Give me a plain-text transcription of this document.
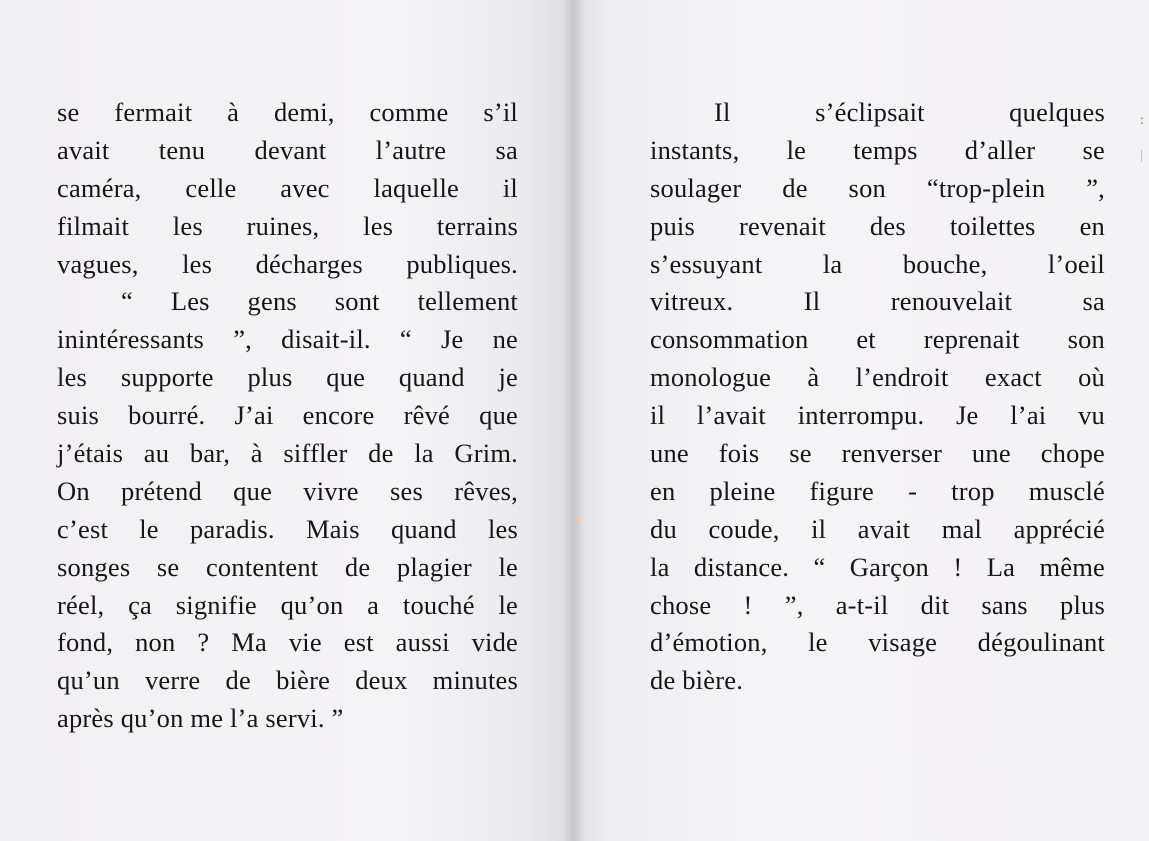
:
|
se fermait à demi, comme s’il
avait tenu devant l’autre sa
caméra, celle avec laquelle il
filmait les ruines, les terrains
vagues, les décharges publiques.
“ Les gens sont tellement
inintéressants ”, disait-il. “ Je ne
les supporte plus que quand je
suis bourré. J’ai encore rêvé que
j’étais au bar, à siffler de la Grim.
On prétend que vivre ses rêves,
c’est le paradis. Mais quand les
songes se contentent de plagier le
réel, ça signifie qu’on a touché le
fond, non ? Ma vie est aussi vide
qu’un verre de bière deux minutes
après qu’on me l’a servi. ”
Il s’éclipsait quelques
instants, le temps d’aller se
soulager de son “trop-plein ”,
puis revenait des toilettes en
s’essuyant la bouche, l’oeil
vitreux. Il renouvelait sa
consommation et reprenait son
monologue à l’endroit exact où
il l’avait interrompu. Je l’ai vu
une fois se renverser une chope
en pleine figure - trop musclé
du coude, il avait mal apprécié
la distance. “ Garçon ! La même
chose ! ”, a-t-il dit sans plus
d’émotion, le visage dégoulinant
de bière.
